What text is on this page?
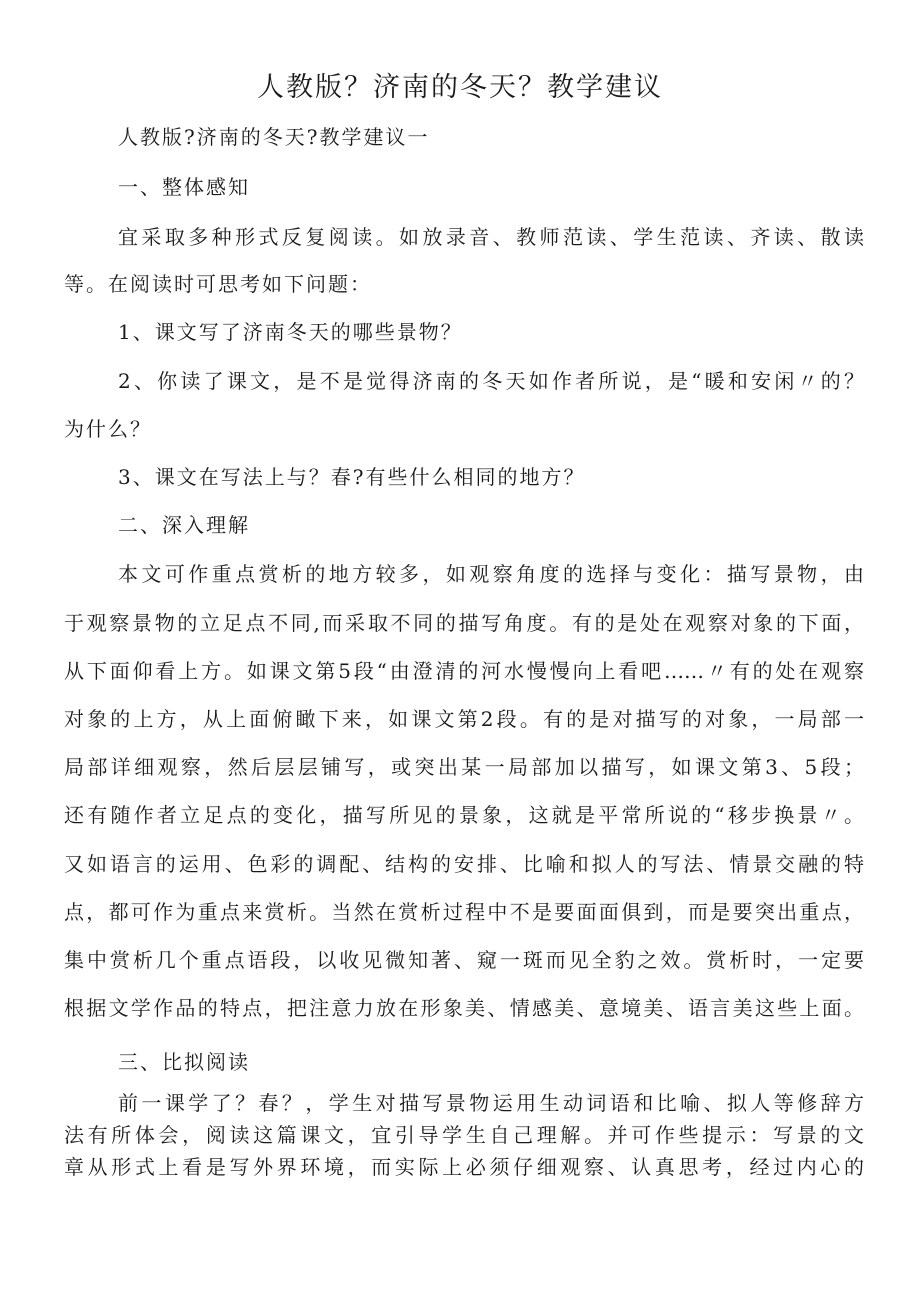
人教版？济南的冬天？教学建议

人教版?济南的冬天?教学建议一

一、整体感知

宜采取多种形式反复阅读。如放录音、教师范读、学生范读、齐读、散读

等。在阅读时可思考如下问题：

1、课文写了济南冬天的哪些景物？

2、你读了课文，是不是觉得济南的冬天如作者所说，是“暖和安闲〃的？

为什么？

3、课文在写法上与？春?有些什么相同的地方？

二、深入理解

本文可作重点赏析的地方较多，如观察角度的选择与变化：描写景物，由

于观察景物的立足点不同,而采取不同的描写角度。有的是处在观察对象的下面，

从下面仰看上方。如课文第5段“由澄清的河水慢慢向上看吧……〃有的处在观察

对象的上方，从上面俯瞰下来，如课文第2段。有的是对描写的对象，一局部一

局部详细观察，然后层层铺写，或突出某一局部加以描写，如课文第3、5段；

还有随作者立足点的变化，描写所见的景象，这就是平常所说的“移步换景〃。

又如语言的运用、色彩的调配、结构的安排、比喻和拟人的写法、情景交融的特

点，都可作为重点来赏析。当然在赏析过程中不是要面面俱到，而是要突出重点，

集中赏析几个重点语段，以收见微知著、窥一斑而见全豹之效。赏析时，一定要

根据文学作品的特点，把注意力放在形象美、情感美、意境美、语言美这些上面。

三、比拟阅读

前一课学了？春？，学生对描写景物运用生动词语和比喻、拟人等修辞方

法有所体会，阅读这篇课文，宜引导学生自己理解。并可作些提示：写景的文

章从形式上看是写外界环境，而实际上必须仔细观察、认真思考，经过内心的
